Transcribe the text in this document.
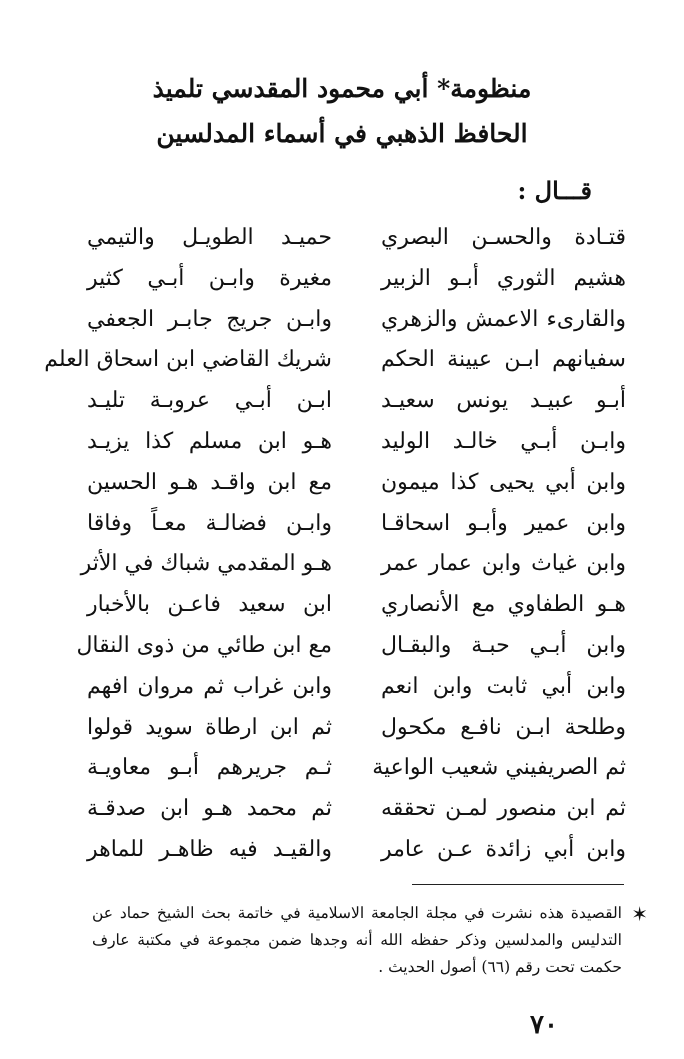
منظومة* أبي محمود المقدسي تلميذ
الحافظ الذهبي في أسماء المدلسين
قـــال :
قتـادة والحسـن البصري
حميـد الطويـل والتيمي
هشيم الثوري أبـو الزبير
مغيرة وابـن أبـي كثير
والقارىء الاعمش والزهري
وابـن جريج جابـر الجعفي
سفيانهم ابـن عيينة الحكم
شريك القاضي ابن اسحاق العلم
أبـو عبيـد يونس سعيـد
ابـن أبـي عروبـة تليـد
وابـن أبـي خالـد الوليد
هـو ابن مسلم كذا يزيـد
وابن أبي يحيى كذا ميمون
مع ابن واقـد هـو الحسين
وابن عمير وأبـو اسحاقـا
وابـن فضالـة معـاً وفاقا
وابن غياث وابن عمار عمر
هـو المقدمي شباك في الأثر
هـو الطفاوي مع الأنصاري
ابن سعيد فاعـن بالأخبار
وابن أبـي حبـة والبقـال
مع ابن طائي من ذوى النقال
وابن أبي ثابت وابن انعم
وابن غراب ثم مروان افهم
وطلحة ابـن نافـع مكحول
ثم ابن ارطاة سويد قولوا
ثم الصريفيني شعيب الواعية
ثـم جريرهم أبـو معاويـة
ثم ابن منصور لمـن تحققه
ثم محمد هـو ابن صدقـة
وابن أبي زائدة عـن عامر
والقيـد فيه ظاهـر للماهر
✶
القصيدة هذه نشرت في مجلة الجامعة الاسلامية في خاتمة بحث الشيخ حماد عن التدليس والمدلسين وذكر حفظه الله أنه وجدها ضمن مجموعة في مكتبة عارف حكمت تحت رقم (٦٦) أصول الحديث .
٧٠
